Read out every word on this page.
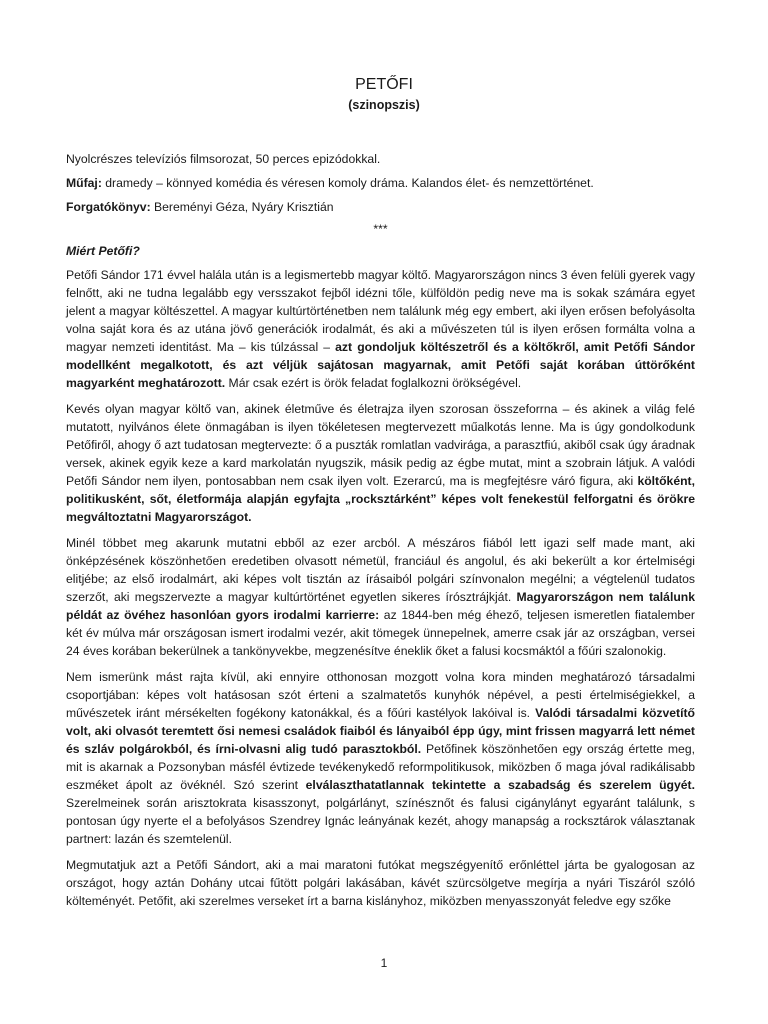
PETŐFI
(szinopszis)
Nyolcrészes televíziós filmsorozat, 50 perces epizódokkal.
Műfaj: dramedy – könnyed komédia és véresen komoly dráma. Kalandos élet- és nemzettörténet.
Forgatókönyv: Bereményi Géza, Nyáry Krisztián
***
Miért Petőfi?

Petőfi Sándor 171 évvel halála után is a legismertebb magyar költő. Magyarországon nincs 3 éven felüli gyerek vagy felnőtt, aki ne tudna legalább egy versszakot fejből idézni tőle, külföldön pedig neve ma is sokak számára egyet jelent a magyar költészettel. A magyar kultúrtörténetben nem találunk még egy embert, aki ilyen erősen befolyásolta volna saját kora és az utána jövő generációk irodalmát, és aki a művészeten túl is ilyen erősen formálta volna a magyar nemzeti identitást. Ma – kis túlzással – azt gondoljuk költészetről és a költőkről, amit Petőfi Sándor modellként megalkotott, és azt véljük sajátosan magyarnak, amit Petőfi saját korában úttörőként magyarként meghatározott. Már csak ezért is örök feladat foglalkozni örökségével.

Kevés olyan magyar költő van, akinek életműve és életrajza ilyen szorosan összeforrna – és akinek a világ felé mutatott, nyilvános élete önmagában is ilyen tökéletesen megtervezett műalkotás lenne. Ma is úgy gondolkodunk Petőfiről, ahogy ő azt tudatosan megtervezte: ő a puszták romlatlan vadvirága, a parasztfiú, akiből csak úgy áradnak versek, akinek egyik keze a kard markolatán nyugszik, másik pedig az égbe mutat, mint a szobrain látjuk. A valódi Petőfi Sándor nem ilyen, pontosabban nem csak ilyen volt. Ezerarcú, ma is megfejtésre váró figura, aki költőként, politikusként, sőt, életformája alapján egyfajta „rocksztárként” képes volt fenekestül felforgatni és örökre megváltoztatni Magyarországot.

Minél többet meg akarunk mutatni ebből az ezer arcból. A mészáros fiából lett igazi self made mant, aki önképzésének köszönhetően eredetiben olvasott németül, franciául és angolul, és aki bekerült a kor értelmiségi elitjébe; az első irodalmárt, aki képes volt tisztán az írásaiból polgári színvonalon megélni; a végtelenül tudatos szerzőt, aki megszervezte a magyar kultúrtörténet egyetlen sikeres írósztrájkját. Magyarországon nem találunk példát az övéhez hasonlóan gyors irodalmi karrierre: az 1844-ben még éhező, teljesen ismeretlen fiatalember két év múlva már országosan ismert irodalmi vezér, akit tömegek ünnepelnek, amerre csak jár az országban, versei 24 éves korában bekerülnek a tankönyvekbe, megzenésítve éneklik őket a falusi kocsmáktól a főúri szalonokig.

Nem ismerünk mást rajta kívül, aki ennyire otthonosan mozgott volna kora minden meghatározó társadalmi csoportjában: képes volt hatásosan szót érteni a szalmatetős kunyhók népével, a pesti értelmiségiekkel, a művészetek iránt mérsékelten fogékony katonákkal, és a főúri kastélyok lakóival is. Valódi társadalmi közvetítő volt, aki olvasót teremtett ősi nemesi családok fiaiból és lányaiból épp úgy, mint frissen magyarrá lett német és szláv polgárokból, és írni-olvasni alig tudó parasztokból. Petőfinek köszönhetően egy ország értette meg, mit is akarnak a Pozsonyban másfél évtizede tevékenykedő reformpolitikusok, miközben ő maga jóval radikálisabb eszméket ápolt az övéknél. Szó szerint elválaszthatatlannak tekintette a szabadság és szerelem ügyét. Szerelmeinek során arisztokrata kisasszonyt, polgárlányt, színésznőt és falusi cigánylányt egyaránt találunk, s pontosan úgy nyerte el a befolyásos Szendrey Ignác leányának kezét, ahogy manapság a rocksztárok választanak partnert: lazán és szemtelenül.

Megmutatjuk azt a Petőfi Sándort, aki a mai maratoni futókat megszégyenítő erőnléttel járta be gyalogosan az országot, hogy aztán Dohány utcai fűtött polgári lakásában, kávét szürcsölgetve megírja a nyári Tiszáról szóló költeményét. Petőfit, aki szerelmes verseket írt a barna kislányhoz, miközben menyasszonyát feledve egy szőke

1
